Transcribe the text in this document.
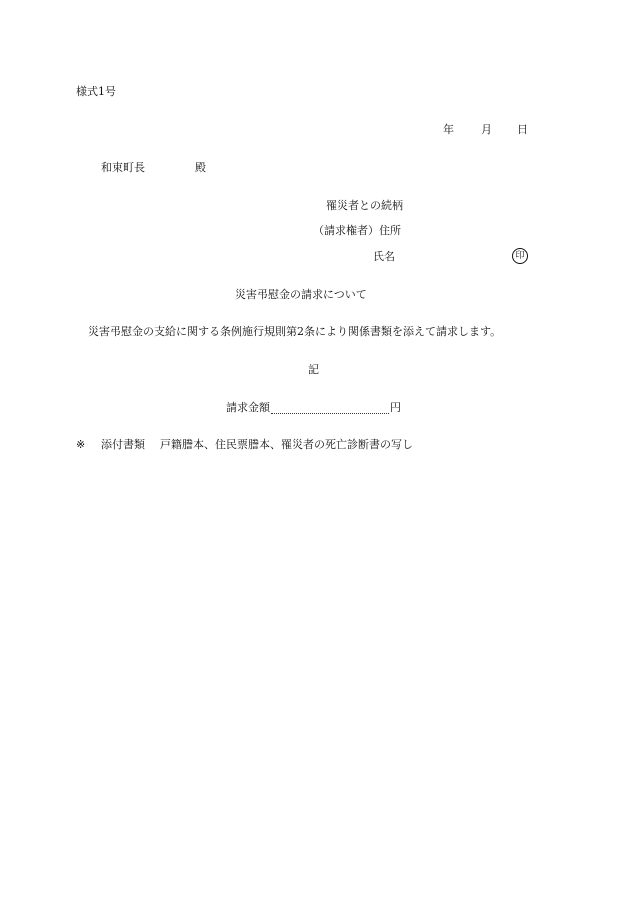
様式1号
年 月 日
和束町長	殿
罹災者との続柄
（請求権者）住所
氏名	印
災害弔慰金の請求について
災害弔慰金の支給に関する条例施行規則第2条により関係書類を添えて請求します。
記
請求金額	円
※ 添付書類 戸籍謄本、住民票謄本、罹災者の死亡診断書の写し
